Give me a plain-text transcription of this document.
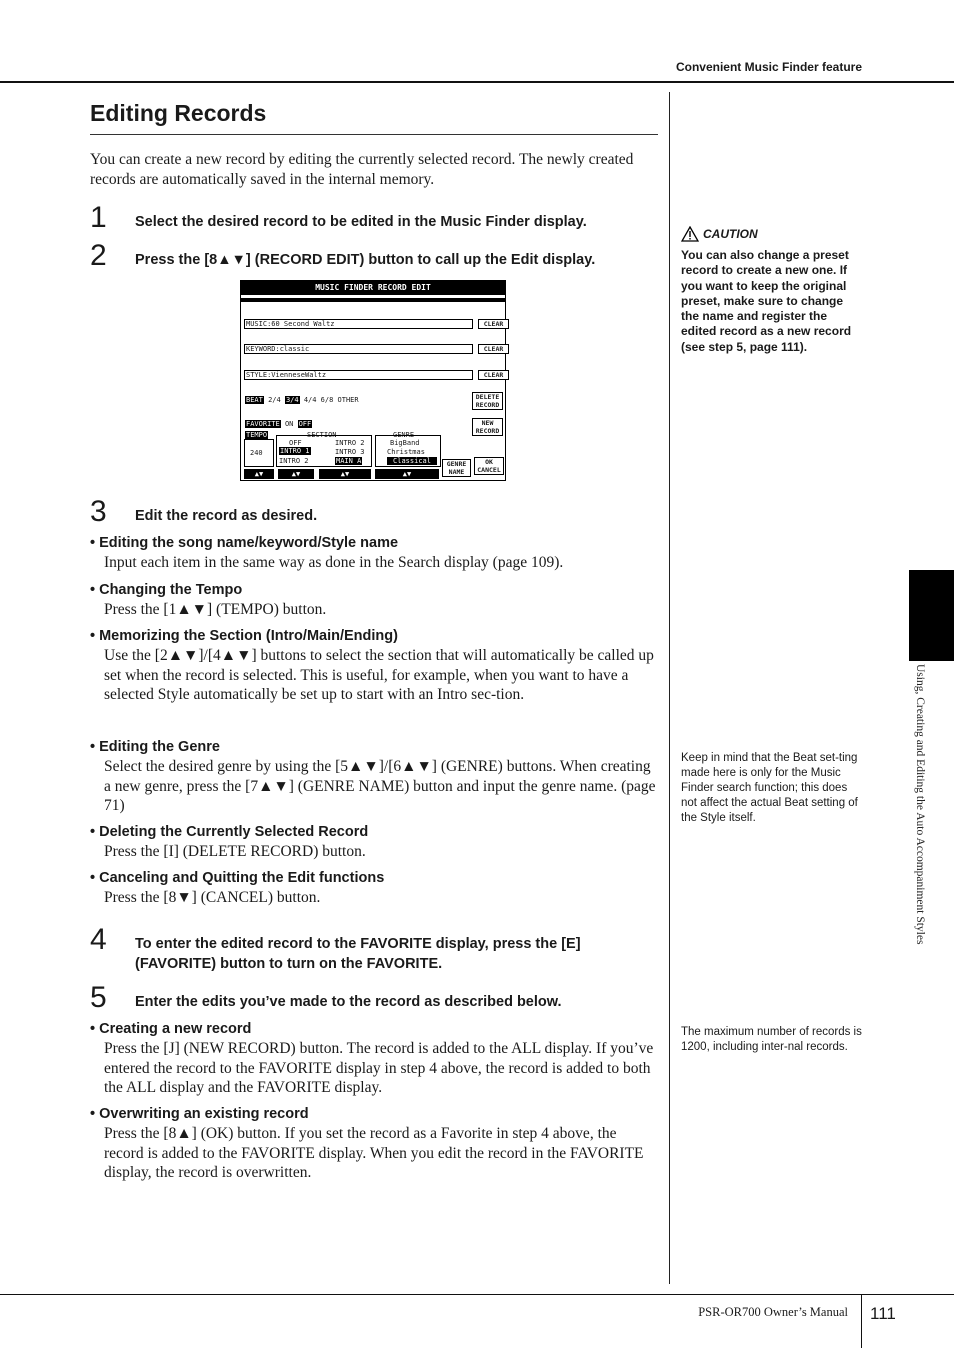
Convenient Music Finder feature
Using, Creating and Editing the Auto Accompaniment Styles
Editing Records
You can create a new record by editing the currently selected record. The newly created records are automatically saved in the internal memory.
1 Select the desired record to be edited in the Music Finder display.
2 Press the [8▲▼] (RECORD EDIT) button to call up the Edit display.
MUSIC FINDER RECORD EDIT
MUSIC:60 Second Waltz	CLEAR
KEYWORD:classic	CLEAR
STYLE:VienneseWaltz	CLEAR
BEAT 2/4 3/4 4/4 6/8 OTHER	DELETE
RECORD
FAVORITE ON OFF	NEW
RECORD
TEMPO
240
SECTION
OFF
INTRO 1
INTRO 2
INTRO 2
INTRO 3
MAIN A
GENRE
BigBand
Christmas
Classical	GENRE
NAME
OK
CANCEL
▲▼	▲▼	▲▼	▲▼
3 Edit the record as desired.
• Editing the song name/keyword/Style name
Input each item in the same way as done in the Search display (page 109).
• Changing the Tempo
Press the [1▲▼] (TEMPO) button.
• Memorizing the Section (Intro/Main/Ending)
Use the [2▲▼]/[4▲▼] buttons to select the section that will automatically be called up set when the record is selected. This is useful, for example, when you want to have a selected Style automatically be set up to start with an Intro sec-tion.
• Editing the Genre
Select the desired genre by using the [5▲▼]/[6▲▼] (GENRE) buttons. When creating a new genre, press the [7▲▼] (GENRE NAME) button and input the genre name. (page 71)
• Deleting the Currently Selected Record
Press the [I] (DELETE RECORD) button.
• Canceling and Quitting the Edit functions
Press the [8▼] (CANCEL) button.
4 To enter the edited record to the FAVORITE display, press the [E] (FAVORITE) button to turn on the FAVORITE.
5 Enter the edits you’ve made to the record as described below.
• Creating a new record
Press the [J] (NEW RECORD) button. The record is added to the ALL display. If you’ve entered the record to the FAVORITE display in step 4 above, the record is added to both the ALL display and the FAVORITE display.
• Overwriting an existing record
Press the [8▲] (OK) button. If you set the record as a Favorite in step 4 above, the record is added to the FAVORITE display. When you edit the record in the FAVORITE display, the record is overwritten.
CAUTION
You can also change a preset record to create a new one. If you want to keep the original preset, make sure to change the name and register the edited record as a new record (see step 5, page 111).
Keep in mind that the Beat set-ting made here is only for the Music Finder search function; this does not affect the actual Beat setting of the Style itself.
The maximum number of records is 1200, including inter-nal records.
PSR-OR700 Owner’s Manual 111
